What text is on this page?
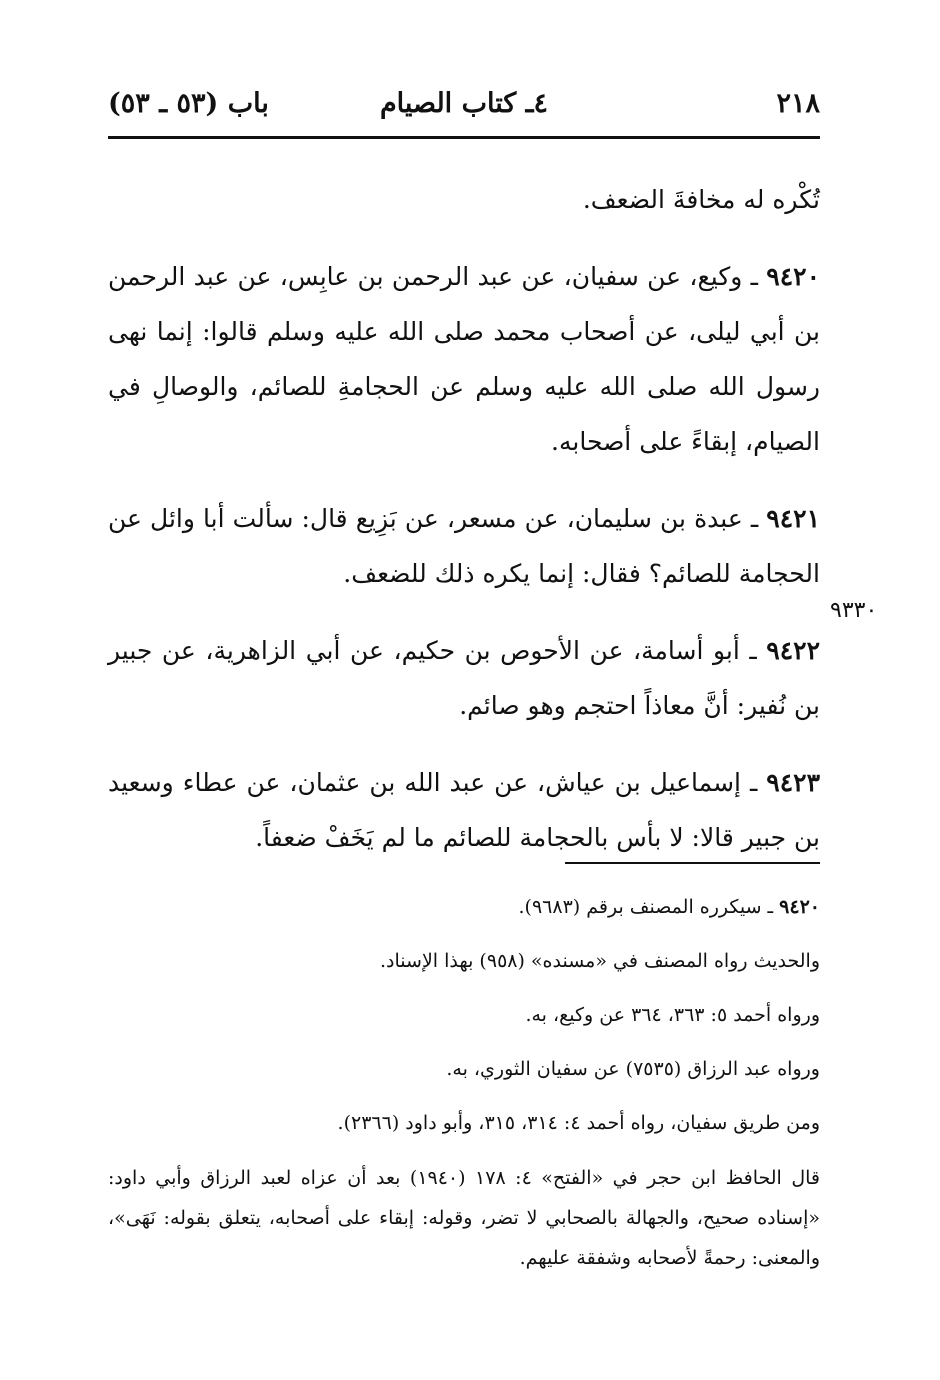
٢١٨
٤ـ كتاب الصيام
باب (٥٣ ـ ٥٣)

تُكْره له مخافةَ الضعف.

٩٤٢٠ ـ وكيع، عن سفيان، عن عبد الرحمن بن عابِس، عن عبد الرحمن بن أبي ليلى، عن أصحاب محمد صلى الله عليه وسلم قالوا: إنما نهى رسول الله صلى الله عليه وسلم عن الحجامةِ للصائم، والوصالِ في الصيام، إبقاءً على أصحابه.

٩٤٢١ ـ عبدة بن سليمان، عن مسعر، عن بَزِيع قال: سألت أبا وائل عن الحجامة للصائم؟ فقال: إنما يكره ذلك للضعف.

٩٤٢٢ ـ أبو أسامة، عن الأحوص بن حكيم، عن أبي الزاهرية، عن جبير بن نُفير: أنَّ معاذاً احتجم وهو صائم.

٩٤٢٣ ـ إسماعيل بن عياش، عن عبد الله بن عثمان، عن عطاء وسعيد بن جبير قالا: لا بأس بالحجامة للصائم ما لم يَخَفْ ضعفاً.

٩٣٣٠

٩٤٢٠ ـ سيكرره المصنف برقم (٩٦٨٣).

والحديث رواه المصنف في «مسنده» (٩٥٨) بهذا الإسناد.

ورواه أحمد ٥: ٣٦٣، ٣٦٤ عن وكيع، به.

ورواه عبد الرزاق (٧٥٣٥) عن سفيان الثوري، به.

ومن طريق سفيان، رواه أحمد ٤: ٣١٤، ٣١٥، وأبو داود (٢٣٦٦).

قال الحافظ ابن حجر في «الفتح» ٤: ١٧٨ (١٩٤٠) بعد أن عزاه لعبد الرزاق وأبي داود: «إسناده صحيح، والجهالة بالصحابي لا تضر، وقوله: إبقاء على أصحابه، يتعلق بقوله: نَهَى»، والمعنى: رحمةً لأصحابه وشفقة عليهم.
